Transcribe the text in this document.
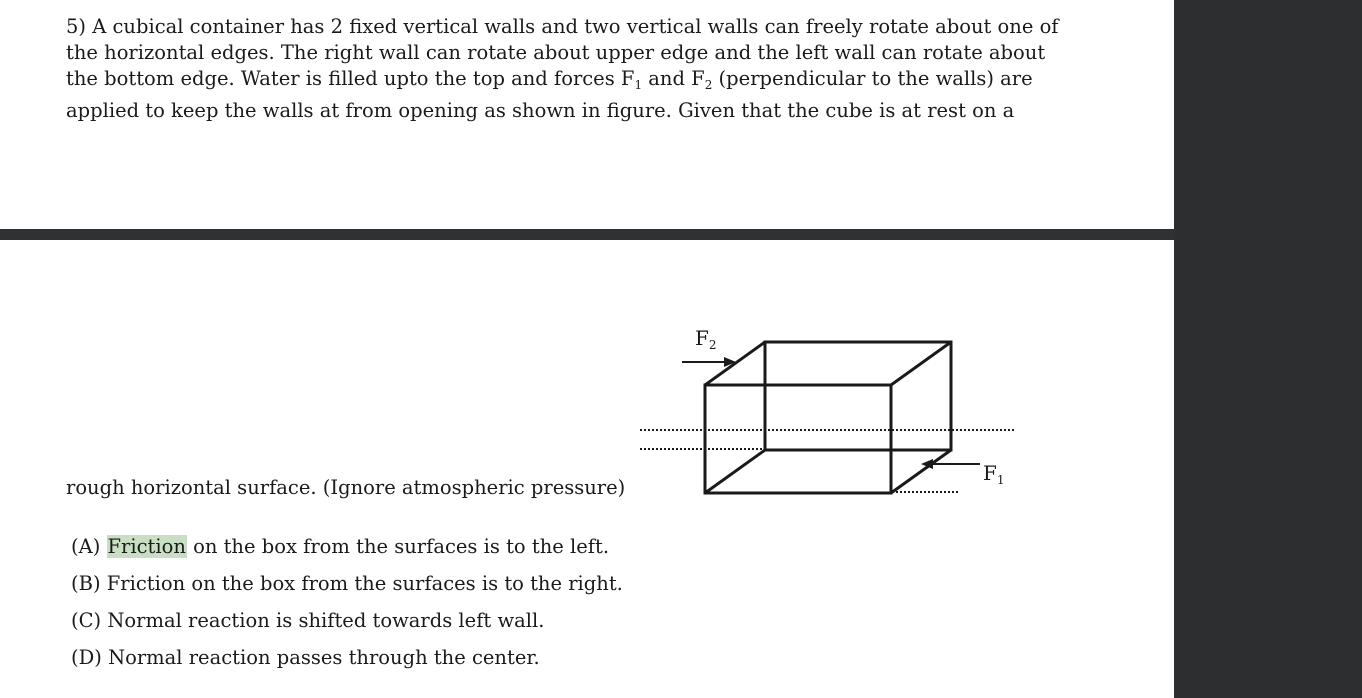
5) A cubical container has 2 fixed vertical walls and two vertical walls can freely rotate about one of
the horizontal edges. The right wall can rotate about upper edge and the left wall can rotate about
the bottom edge. Water is filled upto the top and forces $F_1$ and $F_2$ (perpendicular to the walls) are
applied to keep the walls at from opening as shown in figure. Given that the cube is at rest on a

rough horizontal surface. (Ignore atmospheric pressure)
$F_2$
$F_1$
(A) Friction on the box from the surfaces is to the left.
(B) Friction on the box from the surfaces is to the right.
(C) Normal reaction is shifted towards left wall.
(D) Normal reaction passes through the center.
